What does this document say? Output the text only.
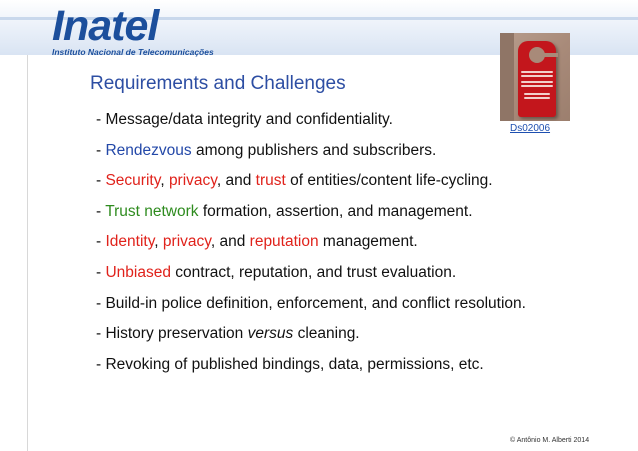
Inatel
Instituto Nacional de Telecomunicações
Requirements and Challenges
- Message/data integrity and confidentiality.
- Rendezvous among publishers and subscribers.
- Security, privacy, and trust of entities/content life-cycling.
- Trust network formation, assertion, and management.
- Identity, privacy, and reputation management.
- Unbiased contract, reputation, and trust evaluation.
- Build-in police definition, enforcement, and conflict resolution.
- History preservation versus cleaning.
- Revoking of published bindings, data, permissions, etc.
Ds02006
© Antônio M. Alberti 2014
